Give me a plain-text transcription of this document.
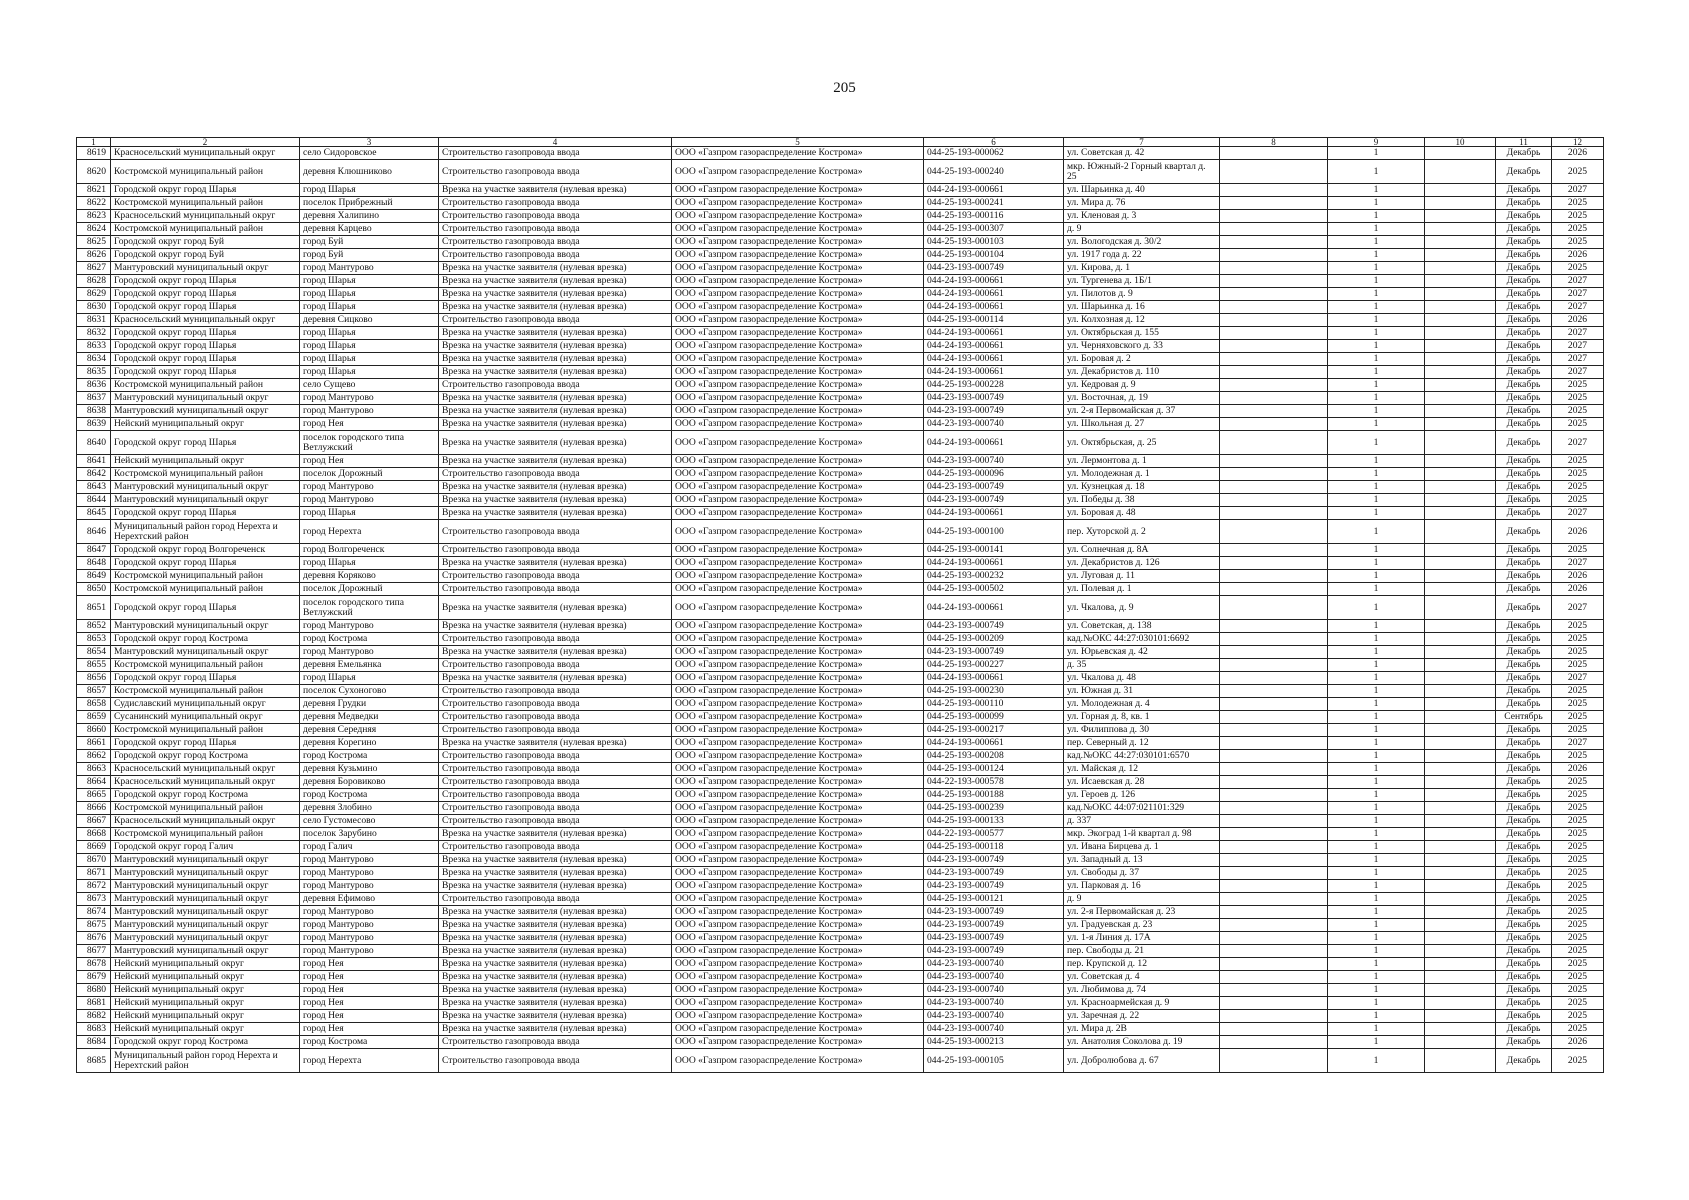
205
1	2	3	4	5	6	7	8	9	10	11	12
8619	Красносельский муниципальный округ	село Сидоровское	Строительство газопровода ввода	ООО «Газпром газораспределение Кострома»	044-25-193-000062	ул. Советская д. 42		1		Декабрь	2026
8620	Костромской муниципальный район	деревня Клюшниково	Строительство газопровода ввода	ООО «Газпром газораспределение Кострома»	044-25-193-000240	мкр. Южный-2 Горный квартал д. 25		1		Декабрь	2025
8621	Городской округ город Шарья	город Шарья	Врезка на участке заявителя (нулевая врезка)	ООО «Газпром газораспределение Кострома»	044-24-193-000661	ул. Шарьинка д. 40		1		Декабрь	2027
8622	Костромской муниципальный район	поселок Прибрежный	Строительство газопровода ввода	ООО «Газпром газораспределение Кострома»	044-25-193-000241	ул. Мира д. 76		1		Декабрь	2025
8623	Красносельский муниципальный округ	деревня Халипино	Строительство газопровода ввода	ООО «Газпром газораспределение Кострома»	044-25-193-000116	ул. Кленовая д. 3		1		Декабрь	2025
8624	Костромской муниципальный район	деревня Карцево	Строительство газопровода ввода	ООО «Газпром газораспределение Кострома»	044-25-193-000307	д. 9		1		Декабрь	2025
8625	Городской округ город Буй	город Буй	Строительство газопровода ввода	ООО «Газпром газораспределение Кострома»	044-25-193-000103	ул. Вологодская д. 30/2		1		Декабрь	2025
8626	Городской округ город Буй	город Буй	Строительство газопровода ввода	ООО «Газпром газораспределение Кострома»	044-25-193-000104	ул. 1917 года д. 22		1		Декабрь	2026
8627	Мантуровский муниципальный округ	город Мантурово	Врезка на участке заявителя (нулевая врезка)	ООО «Газпром газораспределение Кострома»	044-23-193-000749	ул. Кирова, д. 1		1		Декабрь	2025
8628	Городской округ город Шарья	город Шарья	Врезка на участке заявителя (нулевая врезка)	ООО «Газпром газораспределение Кострома»	044-24-193-000661	ул. Тургенева д. 1Б/1		1		Декабрь	2027
8629	Городской округ город Шарья	город Шарья	Врезка на участке заявителя (нулевая врезка)	ООО «Газпром газораспределение Кострома»	044-24-193-000661	ул. Пилотов д. 9		1		Декабрь	2027
8630	Городской округ город Шарья	город Шарья	Врезка на участке заявителя (нулевая врезка)	ООО «Газпром газораспределение Кострома»	044-24-193-000661	ул. Шарьинка д. 16		1		Декабрь	2027
8631	Красносельский муниципальный округ	деревня Сицково	Строительство газопровода ввода	ООО «Газпром газораспределение Кострома»	044-25-193-000114	ул. Колхозная д. 12		1		Декабрь	2026
8632	Городской округ город Шарья	город Шарья	Врезка на участке заявителя (нулевая врезка)	ООО «Газпром газораспределение Кострома»	044-24-193-000661	ул. Октябрьская д. 155		1		Декабрь	2027
8633	Городской округ город Шарья	город Шарья	Врезка на участке заявителя (нулевая врезка)	ООО «Газпром газораспределение Кострома»	044-24-193-000661	ул. Черняховского д. 33		1		Декабрь	2027
8634	Городской округ город Шарья	город Шарья	Врезка на участке заявителя (нулевая врезка)	ООО «Газпром газораспределение Кострома»	044-24-193-000661	ул. Боровая д. 2		1		Декабрь	2027
8635	Городской округ город Шарья	город Шарья	Врезка на участке заявителя (нулевая врезка)	ООО «Газпром газораспределение Кострома»	044-24-193-000661	ул. Декабристов д. 110		1		Декабрь	2027
8636	Костромской муниципальный район	село Сущево	Строительство газопровода ввода	ООО «Газпром газораспределение Кострома»	044-25-193-000228	ул. Кедровая д. 9		1		Декабрь	2025
8637	Мантуровский муниципальный округ	город Мантурово	Врезка на участке заявителя (нулевая врезка)	ООО «Газпром газораспределение Кострома»	044-23-193-000749	ул. Восточная, д. 19		1		Декабрь	2025
8638	Мантуровский муниципальный округ	город Мантурово	Врезка на участке заявителя (нулевая врезка)	ООО «Газпром газораспределение Кострома»	044-23-193-000749	ул. 2-я Первомайская д. 37		1		Декабрь	2025
8639	Нейский муниципальный округ	город Нея	Врезка на участке заявителя (нулевая врезка)	ООО «Газпром газораспределение Кострома»	044-23-193-000740	ул. Школьная д. 27		1		Декабрь	2025
8640	Городской округ город Шарья	поселок городского типа Ветлужский	Врезка на участке заявителя (нулевая врезка)	ООО «Газпром газораспределение Кострома»	044-24-193-000661	ул. Октябрьская, д. 25		1		Декабрь	2027
8641	Нейский муниципальный округ	город Нея	Врезка на участке заявителя (нулевая врезка)	ООО «Газпром газораспределение Кострома»	044-23-193-000740	ул. Лермонтова д. 1		1		Декабрь	2025
8642	Костромской муниципальный район	поселок Дорожный	Строительство газопровода ввода	ООО «Газпром газораспределение Кострома»	044-25-193-000096	ул. Молодежная д. 1		1		Декабрь	2025
8643	Мантуровский муниципальный округ	город Мантурово	Врезка на участке заявителя (нулевая врезка)	ООО «Газпром газораспределение Кострома»	044-23-193-000749	ул. Кузнецкая д. 18		1		Декабрь	2025
8644	Мантуровский муниципальный округ	город Мантурово	Врезка на участке заявителя (нулевая врезка)	ООО «Газпром газораспределение Кострома»	044-23-193-000749	ул. Победы д. 38		1		Декабрь	2025
8645	Городской округ город Шарья	город Шарья	Врезка на участке заявителя (нулевая врезка)	ООО «Газпром газораспределение Кострома»	044-24-193-000661	ул. Боровая д. 48		1		Декабрь	2027
8646	Муниципальный район город Нерехта и Нерехтский район	город Нерехта	Строительство газопровода ввода	ООО «Газпром газораспределение Кострома»	044-25-193-000100	пер. Хуторской д. 2		1		Декабрь	2026
8647	Городской округ город Волгореченск	город Волгореченск	Строительство газопровода ввода	ООО «Газпром газораспределение Кострома»	044-25-193-000141	ул. Солнечная д. 8А		1		Декабрь	2025
8648	Городской округ город Шарья	город Шарья	Врезка на участке заявителя (нулевая врезка)	ООО «Газпром газораспределение Кострома»	044-24-193-000661	ул. Декабристов д. 126		1		Декабрь	2027
8649	Костромской муниципальный район	деревня Коряково	Строительство газопровода ввода	ООО «Газпром газораспределение Кострома»	044-25-193-000232	ул. Луговая д. 11		1		Декабрь	2026
8650	Костромской муниципальный район	поселок Дорожный	Строительство газопровода ввода	ООО «Газпром газораспределение Кострома»	044-25-193-000502	ул. Полевая д. 1		1		Декабрь	2026
8651	Городской округ город Шарья	поселок городского типа Ветлужский	Врезка на участке заявителя (нулевая врезка)	ООО «Газпром газораспределение Кострома»	044-24-193-000661	ул. Чкалова, д. 9		1		Декабрь	2027
8652	Мантуровский муниципальный округ	город Мантурово	Врезка на участке заявителя (нулевая врезка)	ООО «Газпром газораспределение Кострома»	044-23-193-000749	ул. Советская, д. 138		1		Декабрь	2025
8653	Городской округ город Кострома	город Кострома	Строительство газопровода ввода	ООО «Газпром газораспределение Кострома»	044-25-193-000209	кад.№ОКС 44:27:030101:6692		1		Декабрь	2025
8654	Мантуровский муниципальный округ	город Мантурово	Врезка на участке заявителя (нулевая врезка)	ООО «Газпром газораспределение Кострома»	044-23-193-000749	ул. Юрьевская д. 42		1		Декабрь	2025
8655	Костромской муниципальный район	деревня Емельянка	Строительство газопровода ввода	ООО «Газпром газораспределение Кострома»	044-25-193-000227	д. 35		1		Декабрь	2025
8656	Городской округ город Шарья	город Шарья	Врезка на участке заявителя (нулевая врезка)	ООО «Газпром газораспределение Кострома»	044-24-193-000661	ул. Чкалова д. 48		1		Декабрь	2027
8657	Костромской муниципальный район	поселок Сухоногово	Строительство газопровода ввода	ООО «Газпром газораспределение Кострома»	044-25-193-000230	ул. Южная д. 31		1		Декабрь	2025
8658	Судиславский муниципальный округ	деревня Грудки	Строительство газопровода ввода	ООО «Газпром газораспределение Кострома»	044-25-193-000110	ул. Молодежная д. 4		1		Декабрь	2025
8659	Сусанинский муниципальный округ	деревня Медведки	Строительство газопровода ввода	ООО «Газпром газораспределение Кострома»	044-25-193-000099	ул. Горная д. 8, кв. 1		1		Сентябрь	2025
8660	Костромской муниципальный район	деревня Середняя	Строительство газопровода ввода	ООО «Газпром газораспределение Кострома»	044-25-193-000217	ул. Филиппова д. 30		1		Декабрь	2025
8661	Городской округ город Шарья	деревня Корегино	Врезка на участке заявителя (нулевая врезка)	ООО «Газпром газораспределение Кострома»	044-24-193-000661	пер. Северный д. 12		1		Декабрь	2027
8662	Городской округ город Кострома	город Кострома	Строительство газопровода ввода	ООО «Газпром газораспределение Кострома»	044-25-193-000208	кад.№ОКС 44:27:030101:6570		1		Декабрь	2025
8663	Красносельский муниципальный округ	деревня Кузьмино	Строительство газопровода ввода	ООО «Газпром газораспределение Кострома»	044-25-193-000124	ул. Майская д. 12		1		Декабрь	2026
8664	Красносельский муниципальный округ	деревня Боровиково	Строительство газопровода ввода	ООО «Газпром газораспределение Кострома»	044-22-193-000578	ул. Исаевская д. 28		1		Декабрь	2025
8665	Городской округ город Кострома	город Кострома	Строительство газопровода ввода	ООО «Газпром газораспределение Кострома»	044-25-193-000188	ул. Героев д. 126		1		Декабрь	2025
8666	Костромской муниципальный район	деревня Злобино	Строительство газопровода ввода	ООО «Газпром газораспределение Кострома»	044-25-193-000239	кад.№ОКС 44:07:021101:329		1		Декабрь	2025
8667	Красносельский муниципальный округ	село Густомесово	Строительство газопровода ввода	ООО «Газпром газораспределение Кострома»	044-25-193-000133	д. 337		1		Декабрь	2025
8668	Костромской муниципальный район	поселок Зарубино	Врезка на участке заявителя (нулевая врезка)	ООО «Газпром газораспределение Кострома»	044-22-193-000577	мкр. Экоград 1-й квартал д. 98		1		Декабрь	2025
8669	Городской округ город Галич	город Галич	Строительство газопровода ввода	ООО «Газпром газораспределение Кострома»	044-25-193-000118	ул. Ивана Бирцева д. 1		1		Декабрь	2025
8670	Мантуровский муниципальный округ	город Мантурово	Врезка на участке заявителя (нулевая врезка)	ООО «Газпром газораспределение Кострома»	044-23-193-000749	ул. Западный д. 13		1		Декабрь	2025
8671	Мантуровский муниципальный округ	город Мантурово	Врезка на участке заявителя (нулевая врезка)	ООО «Газпром газораспределение Кострома»	044-23-193-000749	ул. Свободы д. 37		1		Декабрь	2025
8672	Мантуровский муниципальный округ	город Мантурово	Врезка на участке заявителя (нулевая врезка)	ООО «Газпром газораспределение Кострома»	044-23-193-000749	ул. Парковая д. 16		1		Декабрь	2025
8673	Мантуровский муниципальный округ	деревня Ефимово	Строительство газопровода ввода	ООО «Газпром газораспределение Кострома»	044-25-193-000121	д. 9		1		Декабрь	2025
8674	Мантуровский муниципальный округ	город Мантурово	Врезка на участке заявителя (нулевая врезка)	ООО «Газпром газораспределение Кострома»	044-23-193-000749	ул. 2-я Первомайская д. 23		1		Декабрь	2025
8675	Мантуровский муниципальный округ	город Мантурово	Врезка на участке заявителя (нулевая врезка)	ООО «Газпром газораспределение Кострома»	044-23-193-000749	ул. Градуевская д. 23		1		Декабрь	2025
8676	Мантуровский муниципальный округ	город Мантурово	Врезка на участке заявителя (нулевая врезка)	ООО «Газпром газораспределение Кострома»	044-23-193-000749	ул. 1-я Линия д. 17А		1		Декабрь	2025
8677	Мантуровский муниципальный округ	город Мантурово	Врезка на участке заявителя (нулевая врезка)	ООО «Газпром газораспределение Кострома»	044-23-193-000749	пер. Свободы д. 21		1		Декабрь	2025
8678	Нейский муниципальный округ	город Нея	Врезка на участке заявителя (нулевая врезка)	ООО «Газпром газораспределение Кострома»	044-23-193-000740	пер. Крупской д. 12		1		Декабрь	2025
8679	Нейский муниципальный округ	город Нея	Врезка на участке заявителя (нулевая врезка)	ООО «Газпром газораспределение Кострома»	044-23-193-000740	ул. Советская д. 4		1		Декабрь	2025
8680	Нейский муниципальный округ	город Нея	Врезка на участке заявителя (нулевая врезка)	ООО «Газпром газораспределение Кострома»	044-23-193-000740	ул. Любимова д. 74		1		Декабрь	2025
8681	Нейский муниципальный округ	город Нея	Врезка на участке заявителя (нулевая врезка)	ООО «Газпром газораспределение Кострома»	044-23-193-000740	ул. Красноармейская д. 9		1		Декабрь	2025
8682	Нейский муниципальный округ	город Нея	Врезка на участке заявителя (нулевая врезка)	ООО «Газпром газораспределение Кострома»	044-23-193-000740	ул. Заречная д. 22		1		Декабрь	2025
8683	Нейский муниципальный округ	город Нея	Врезка на участке заявителя (нулевая врезка)	ООО «Газпром газораспределение Кострома»	044-23-193-000740	ул. Мира д. 2В		1		Декабрь	2025
8684	Городской округ город Кострома	город Кострома	Строительство газопровода ввода	ООО «Газпром газораспределение Кострома»	044-25-193-000213	ул. Анатолия Соколова д. 19		1		Декабрь	2026
8685	Муниципальный район город Нерехта и Нерехтский район	город Нерехта	Строительство газопровода ввода	ООО «Газпром газораспределение Кострома»	044-25-193-000105	ул. Добролюбова д. 67		1		Декабрь	2025
